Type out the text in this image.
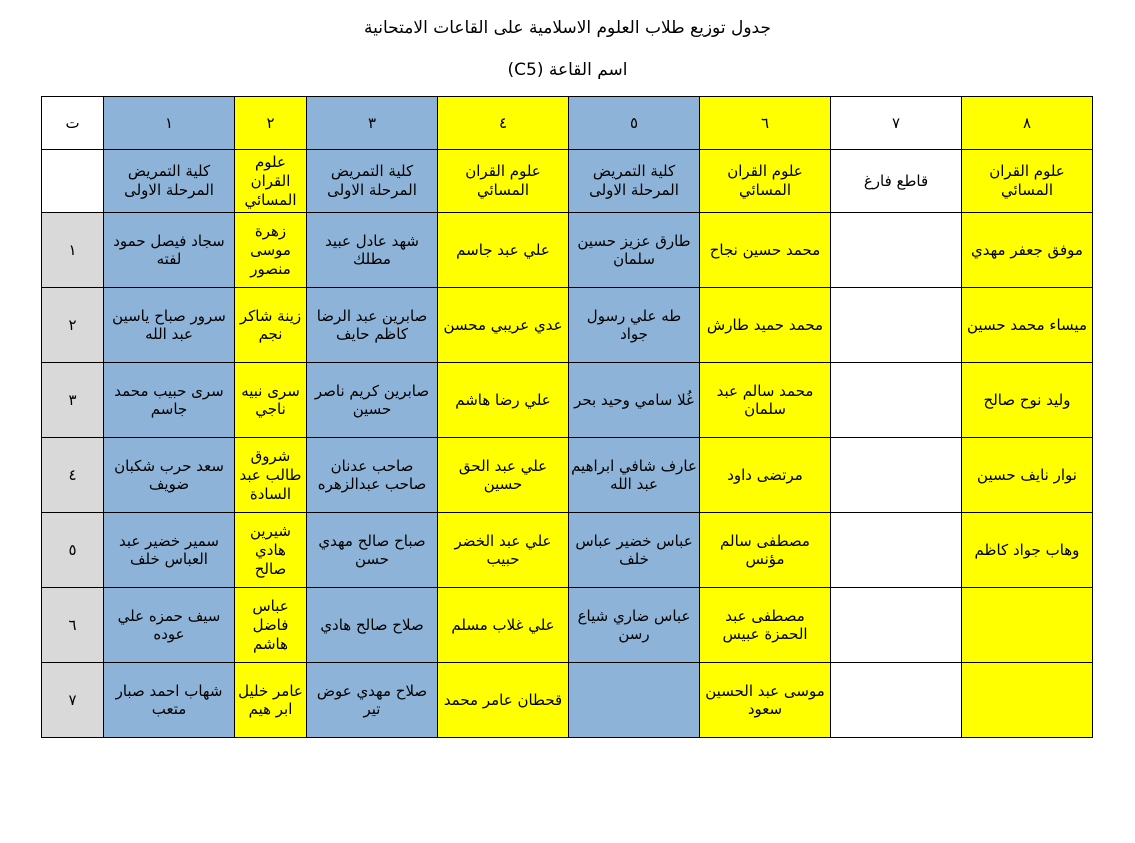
جدول توزيع طلاب العلوم الاسلامية على القاعات الامتحانية
اسم القاعة (C5)
٨	٧	٦	٥	٤	٣	٢	١	ت
علوم القران المسائي	قاطع فارغ	علوم القران المسائي	كلية التمريض المرحلة الاولى	علوم القران المسائي	كلية التمريض المرحلة الاولى	علوم القران المسائي	كلية التمريض المرحلة الاولى	
موفق جعفر مهدي		محمد حسين نجاح	طارق عزيز حسين سلمان	علي عبد جاسم	شهد عادل عبيد مطلك	زهرة موسى منصور	سجاد فيصل حمود لفته	١
ميساء محمد حسين		محمد حميد طارش	طه علي رسول جواد	عدي عريبي محسن	صابرين عبد الرضا كاظم حايف	زينة شاكر نجم	سرور صباح ياسين عبد الله	٢
وليد نوح صالح		محمد سالم عبد سلمان	غُلا سامي وحيد بحر	علي رضا هاشم	صابرين كريم ناصر حسين	سرى نبيه ناجي	سرى حبيب محمد جاسم	٣
نوار نايف حسين		مرتضى داود	عارف شافي ابراهيم عبد الله	علي عبد الحق حسين	صاحب عدنان صاحب عبدالزهره	شروق طالب عبد السادة	سعد حرب شكبان ضويف	٤
وهاب جواد كاظم		مصطفى سالم مؤنس	عباس خضير عباس خلف	علي عبد الخضر حبيب	صباح صالح مهدي حسن	شيرين هادي صالح	سمير خضير عبد العباس خلف	٥
		مصطفى عبد الحمزة عبيس	عباس ضاري شياع رسن	علي غلاب مسلم	صلاح صالح هادي	عباس فاضل هاشم	سيف حمزه علي عوده	٦
		موسى عبد الحسين سعود		قحطان عامر محمد	صلاح مهدي عوض تير	عامر خليل ابر هيم	شهاب احمد صبار متعب	٧
